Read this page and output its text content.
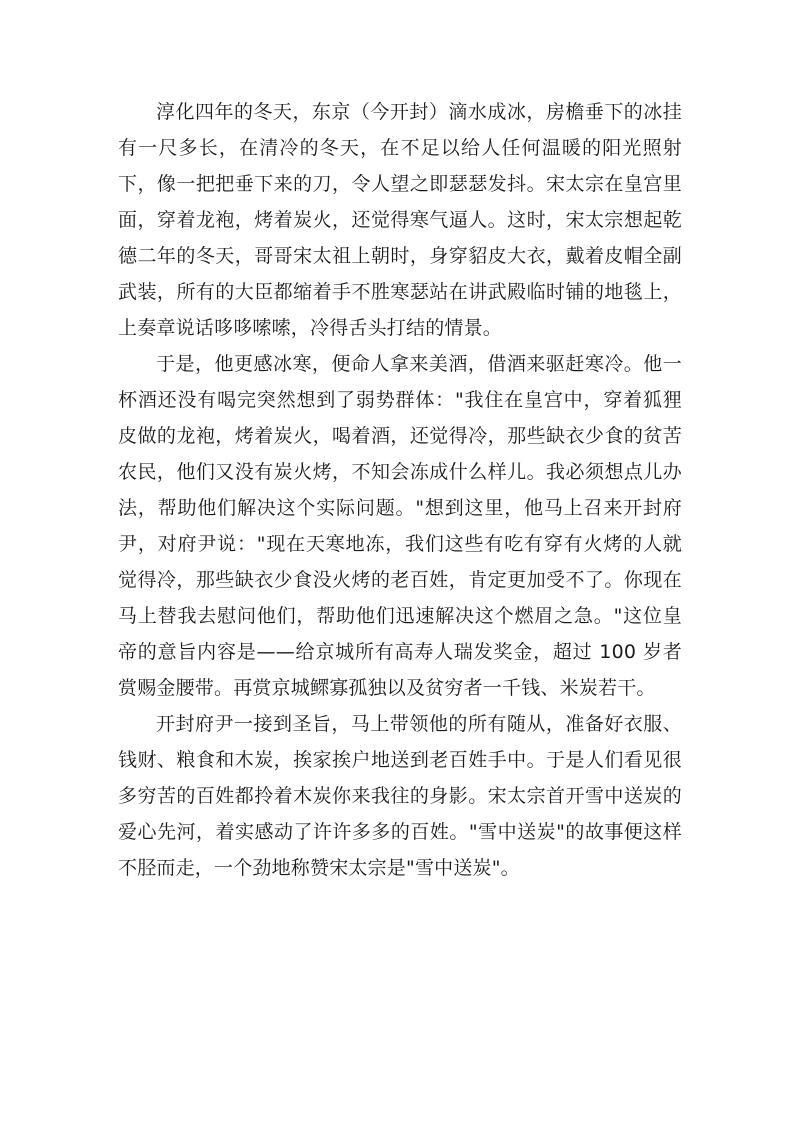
淳化四年的冬天，东京（今开封）滴水成冰，房檐垂下的冰挂有一尺多长，在清冷的冬天，在不足以给人任何温暖的阳光照射下，像一把把垂下来的刀，令人望之即瑟瑟发抖。宋太宗在皇宫里面，穿着龙袍，烤着炭火，还觉得寒气逼人。这时，宋太宗想起乾德二年的冬天，哥哥宋太祖上朝时，身穿貂皮大衣，戴着皮帽全副武装，所有的大臣都缩着手不胜寒瑟站在讲武殿临时铺的地毯上，上奏章说话哆哆嗦嗦，冷得舌头打结的情景。

于是，他更感冰寒，便命人拿来美酒，借酒来驱赶寒冷。他一杯酒还没有喝完突然想到了弱势群体："我住在皇宫中，穿着狐狸皮做的龙袍，烤着炭火，喝着酒，还觉得冷，那些缺衣少食的贫苦农民，他们又没有炭火烤，不知会冻成什么样儿。我必须想点儿办法，帮助他们解决这个实际问题。"想到这里，他马上召来开封府尹，对府尹说："现在天寒地冻，我们这些有吃有穿有火烤的人就觉得冷，那些缺衣少食没火烤的老百姓，肯定更加受不了。你现在马上替我去慰问他们，帮助他们迅速解决这个燃眉之急。"这位皇帝的意旨内容是——给京城所有高寿人瑞发奖金，超过 100 岁者赏赐金腰带。再赏京城鳏寡孤独以及贫穷者一千钱、米炭若干。

开封府尹一接到圣旨，马上带领他的所有随从，准备好衣服、钱财、粮食和木炭，挨家挨户地送到老百姓手中。于是人们看见很多穷苦的百姓都拎着木炭你来我往的身影。宋太宗首开雪中送炭的爱心先河，着实感动了许许多多的百姓。"雪中送炭"的故事便这样不胫而走，一个劲地称赞宋太宗是"雪中送炭"。
